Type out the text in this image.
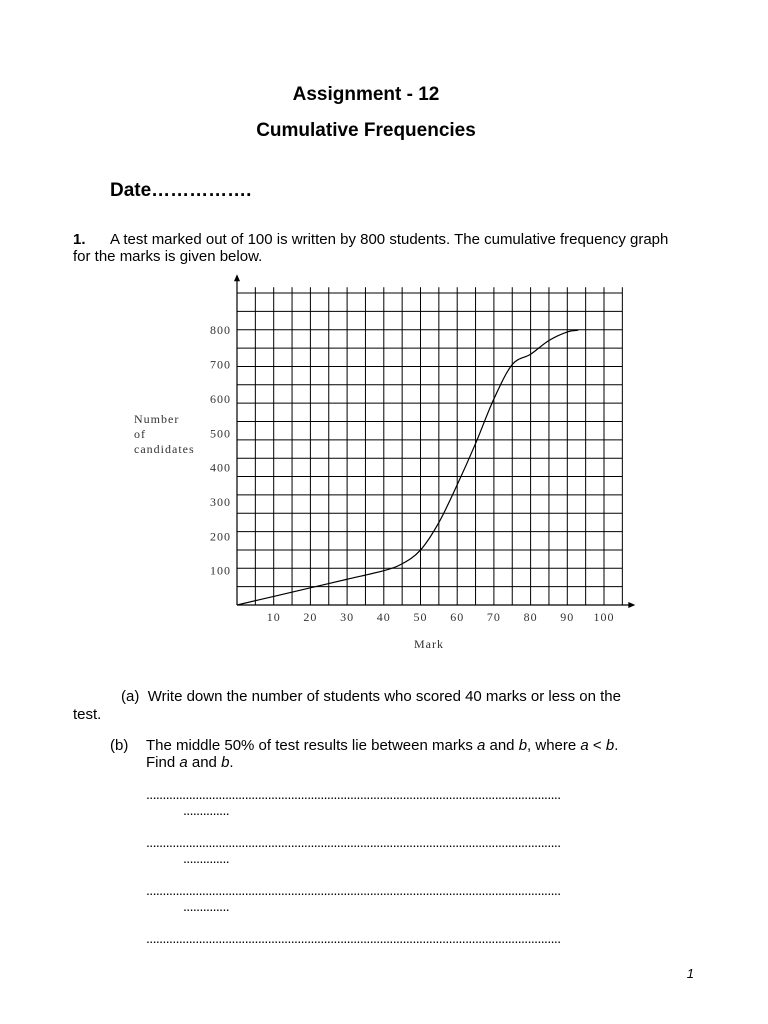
Assignment - 12
Cumulative Frequencies
Date…………….
1. A test marked out of 100 is written by 800 students. The cumulative frequency graph for the marks is given below.
100
200
300
400
500
600
700
800
10 20 30 40 50 60 70 80 90 100
Number
of
candidates
Mark
(a) Write down the number of students who scored 40 marks or less on the
test.
(b) The middle 50% of test results lie between marks a and b, where a < b.
Find a and b.
..............................................................................................................................
..............
..............................................................................................................................
..............
..............................................................................................................................
..............
..............................................................................................................................
1
